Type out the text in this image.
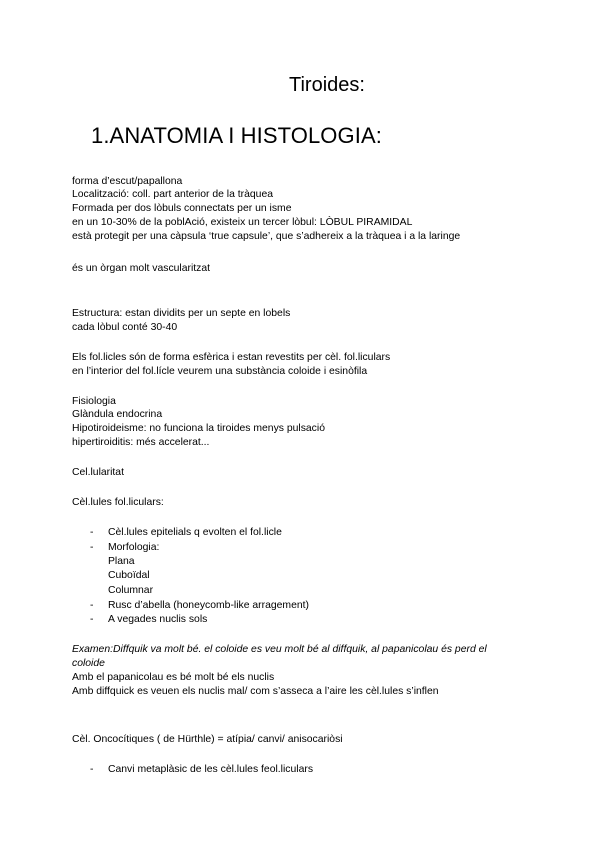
Tiroides:
1.ANATOMIA I HISTOLOGIA:

forma d’escut/papallona

Localització: coll. part anterior de la tràquea

Formada per dos lòbuls connectats per un isme

en un 10-30% de la poblAció, existeix un tercer lòbul: LÒBUL PIRAMIDAL

està protegit per una càpsula ‘true capsule’, que s’adhereix a la tràquea i a la laringe

és un òrgan molt vascularitzat

Estructura: estan dividits per un septe en lobels

cada lòbul conté 30-40

Els fol.licles són de forma esfèrica i estan revestits per cèl. fol.liculars

en l’interior del fol.lícle veurem una substància coloide i esinòfila

Fisiologia

Glàndula endocrina

Hipotiroideisme: no funciona la tiroides menys pulsació

hipertiroiditis: més accelerat...

Cel.lularitat

Cèl.lules fol.liculars:

- Cèl.lules epitelials q evolten el fol.licle
- Morfologia:
Plana
Cuboïdal
Columnar
- Rusc d’abella (honeycomb-like arragement)
- A vegades nuclis sols

Examen:Diffquik va molt bé. el coloide es veu molt bé al diffquik, al papanicolau és perd el

coloide

Amb el papanicolau es bé molt bé els nuclis

Amb diffquick es veuen els nuclis mal/ com s’asseca a l’aire les cèl.lules s’inflen

Cèl. Oncocítiques ( de Hürthle) = atípia/ canvi/ anisocariòsi

- Canvi metaplàsic de les cèl.lules feol.liculars
